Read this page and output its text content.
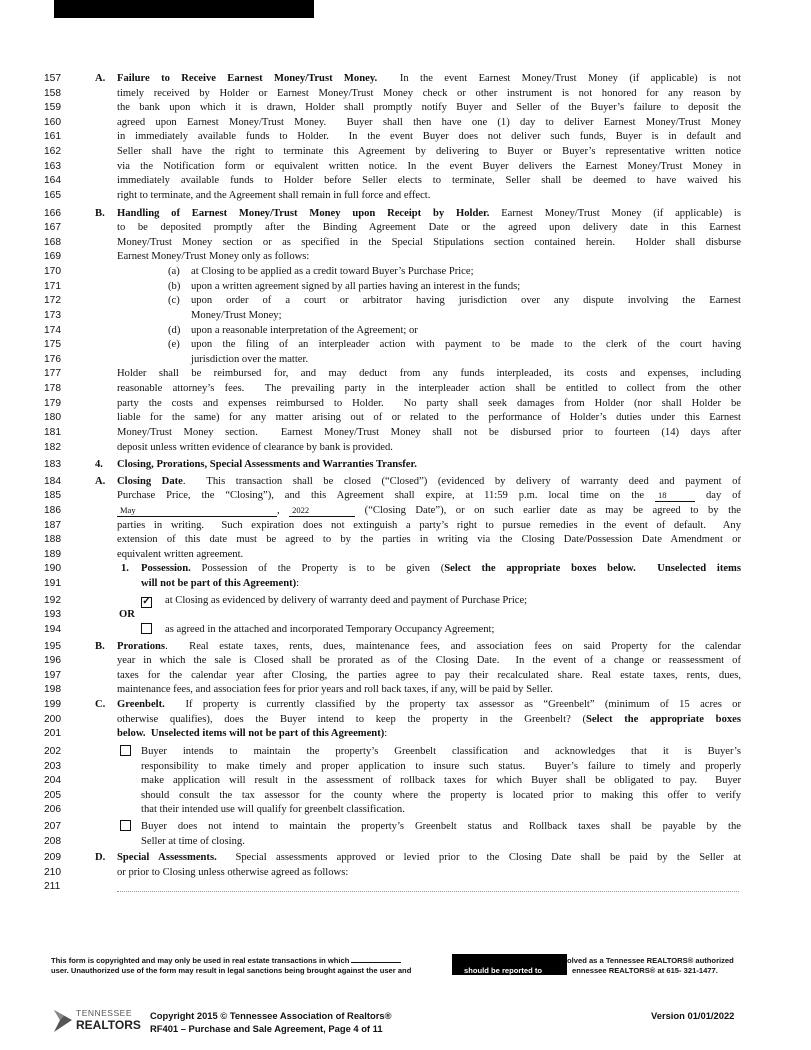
157	A. Failure to Receive Earnest Money/Trust Money.  In the event Earnest Money/Trust Money (if applicable) is not
158	timely received by Holder or Earnest Money/Trust Money check or other instrument is not honored for any reason by
159	the bank upon which it is drawn, Holder shall promptly notify Buyer and Seller of the Buyer’s failure to deposit the
160	agreed upon Earnest Money/Trust Money.  Buyer shall then have one (1) day to deliver Earnest Money/Trust Money
161	in immediately available funds to Holder.  In the event Buyer does not deliver such funds, Buyer is in default and
162	Seller shall have the right to terminate this Agreement by delivering to Buyer or Buyer’s representative written notice
163	via the Notification form or equivalent written notice. In the event Buyer delivers the Earnest Money/Trust Money in
164	immediately available funds to Holder before Seller elects to terminate, Seller shall be deemed to have waived his
165	right to terminate, and the Agreement shall remain in full force and effect.
166	B. Handling of Earnest Money/Trust Money upon Receipt by Holder. Earnest Money/Trust Money (if applicable) is
167	to be deposited promptly after the Binding Agreement Date or the agreed upon delivery date in this Earnest
168	Money/Trust Money section or as specified in the Special Stipulations section contained herein.  Holder shall disburse
169	Earnest Money/Trust Money only as follows:
170	(a) at Closing to be applied as a credit toward Buyer’s Purchase Price;
171	(b) upon a written agreement signed by all parties having an interest in the funds;
172	(c) upon order of a court or arbitrator having jurisdiction over any dispute involving the Earnest
173	Money/Trust Money;
174	(d) upon a reasonable interpretation of the Agreement; or
175	(e) upon the filing of an interpleader action with payment to be made to the clerk of the court having
176	jurisdiction over the matter.
177	Holder shall be reimbursed for, and may deduct from any funds interpleaded, its costs and expenses, including
178	reasonable attorney’s fees.  The prevailing party in the interpleader action shall be entitled to collect from the other
179	party the costs and expenses reimbursed to Holder.  No party shall seek damages from Holder (nor shall Holder be
180	liable for the same) for any matter arising out of or related to the performance of Holder’s duties under this Earnest
181	Money/Trust Money section.  Earnest Money/Trust Money shall not be disbursed prior to fourteen (14) days after
182	deposit unless written evidence of clearance by bank is provided.
183	4. Closing, Prorations, Special Assessments and Warranties Transfer.
184	A. Closing Date.  This transaction shall be closed (“Closed”) (evidenced by delivery of warranty deed and payment of
185	Purchase Price, the “Closing”), and this Agreement shall expire, at 11:59 p.m. local time on the 18	day of
186	May	, 2022	(“Closing Date”), or on such earlier date as may be agreed to by the
187	parties in writing.  Such expiration does not extinguish a party’s right to pursue remedies in the event of default.  Any
188	extension of this date must be agreed to by the parties in writing via the Closing Date/Possession Date Amendment or
189	equivalent written agreement.
190	1. Possession. Possession of the Property is to be given (Select the appropriate boxes below.  Unselected items
191	will not be part of this Agreement):
192	✓ at Closing as evidenced by delivery of warranty deed and payment of Purchase Price;
193	OR
194	as agreed in the attached and incorporated Temporary Occupancy Agreement;
195	B. Prorations.  Real estate taxes, rents, dues, maintenance fees, and association fees on said Property for the calendar
196	year in which the sale is Closed shall be prorated as of the Closing Date.  In the event of a change or reassessment of
197	taxes for the calendar year after Closing, the parties agree to pay their recalculated share. Real estate taxes, rents, dues,
198	maintenance fees, and association fees for prior years and roll back taxes, if any, will be paid by Seller.
199	C. Greenbelt.  If property is currently classified by the property tax assessor as “Greenbelt” (minimum of 15 acres or
200	otherwise qualifies), does the Buyer intend to keep the property in the Greenbelt? (Select the appropriate boxes
201	below.  Unselected items will not be part of this Agreement):
202	Buyer intends to maintain the property’s Greenbelt classification and acknowledges that it is Buyer’s
203	responsibility to make timely and proper application to insure such status.  Buyer’s failure to timely and properly
204	make application will result in the assessment of rollback taxes for which Buyer shall be obligated to pay.  Buyer
205	should consult the tax assessor for the county where the property is located prior to making this offer to verify
206	that their intended use will qualify for greenbelt classification.
207	Buyer does not intend to maintain the property’s Greenbelt status and Rollback taxes shall be payable by the
208	Seller at time of closing.
209	D. Special Assessments.  Special assessments approved or levied prior to the Closing Date shall be paid by the Seller at
210	or prior to Closing unless otherwise agreed as follows:
211
This form is copyrighted and may only be used in real estate transactions in which	olved as a Tennessee REALTORS® authorized
user. Unauthorized use of the form may result in legal sanctions being brought against the user and	should be reported to	ennessee REALTORS® at 615- 321-1477.
TENNESSEE
REALTORS
Copyright 2015 © Tennessee Association of Realtors®
RF401 – Purchase and Sale Agreement, Page 4 of 11
Version 01/01/2022
